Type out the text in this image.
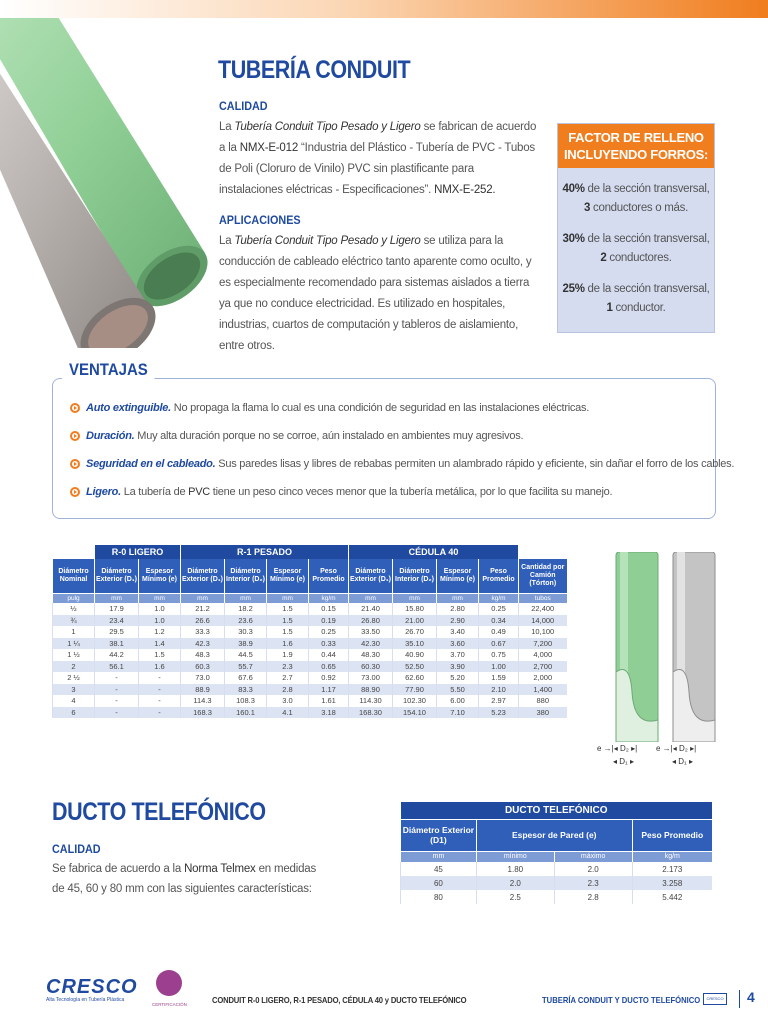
TUBERÍA CONDUIT
CALIDAD
La Tubería Conduit Tipo Pesado y Ligero se fabrican de acuerdo a la NMX-E-012 “Industria del Plástico - Tubería de PVC - Tubos de Poli (Cloruro de Vinilo) PVC sin plastificante para instalaciones eléctricas - Especificaciones”. NMX-E-252.
APLICACIONES
La Tubería Conduit Tipo Pesado y Ligero se utiliza para la conducción de cableado eléctrico tanto aparente como oculto, y es especialmente recomendado para sistemas aislados a tierra ya que no conduce electricidad. Es utilizado en hospitales, industrias, cuartos de computación y tableros de aislamiento, entre otros.
FACTOR DE RELLENO INCLUYENDO FORROS:
40% de la sección transversal,
3 conductores o más.
30% de la sección transversal,
2 conductores.
25% de la sección transversal,
1 conductor.
VENTAJAS
Auto extinguible. No propaga la flama lo cual es una condición de seguridad en las instalaciones eléctricas.
Duración. Muy alta duración porque no se corroe, aún instalado en ambientes muy agresivos.
Seguridad en el cableado. Sus paredes lisas y libres de rebabas permiten un alambrado rápido y eficiente, sin dañar el forro de los cables.
Ligero. La tubería de PVC tiene un peso cinco veces menor que la tubería metálica, por lo que facilita su manejo.
	R-0 LIGERO		R-1 PESADO				CÉDULA 40				
Diámetro Nominal	Diámetro Exterior (D₁)	Espesor Mínimo (e)	Diámetro Exterior (D₁)	Diámetro Interior (D₂)	Espesor Mínimo (e)	Peso Promedio	Diámetro Exterior (D₁)	Diámetro Interior (D₂)	Espesor Mínimo (e)	Peso Promedio	Cantidad por Camión (Tórton)
pulg	mm	mm	mm	mm	mm	kg/m	mm	mm	mm	kg/m	tubos
½	17.9	1.0	21.2	18.2	1.5	0.15	21.40	15.80	2.80	0.25	22,400
¾	23.4	1.0	26.6	23.6	1.5	0.19	26.80	21.00	2.90	0.34	14,000
1	29.5	1.2	33.3	30.3	1.5	0.25	33.50	26.70	3.40	0.49	10,100
1 ¼	38.1	1.4	42.3	38.9	1.6	0.33	42.30	35.10	3.60	0.67	7,200
1 ½	44.2	1.5	48.3	44.5	1.9	0.44	48.30	40.90	3.70	0.75	4,000
2	56.1	1.6	60.3	55.7	2.3	0.65	60.30	52.50	3.90	1.00	2,700
2 ½	-	-	73.0	67.6	2.7	0.92	73.00	62.60	5.20	1.59	2,000
3	-	-	88.9	83.3	2.8	1.17	88.90	77.90	5.50	2.10	1,400
4	-	-	114.3	108.3	3.0	1.61	114.30	102.30	6.00	2.97	880
6	-	-	168.3	160.1	4.1	3.18	168.30	154.10	7.10	5.23	380
e →|◂ D₂ ▸|
◂ D₁ ▸
e →|◂ D₂ ▸|
◂ D₁ ▸
DUCTO TELEFÓNICO
CALIDAD
Se fabrica de acuerdo a la Norma Telmex en medidas de 45, 60 y 80 mm con las siguientes características:
DUCTO TELEFÓNICO			
Diámetro Exterior (D1)	Espesor de Pared (e)		Peso Promedio
mm	mínimo	máximo	kg/m
45	1.80	2.0	2.173
60	2.0	2.3	3.258
80	2.5	2.8	5.442
CRESCO
Alta Tecnología en Tubería Plástica
CERTIFICACIÓN	CONDUIT R-0 LIGERO, R-1 PESADO, CÉDULA 40 y DUCTO TELEFÓNICO	TUBERÍA CONDUIT Y DUCTO TELEFÓNICO	CRESCO 4
